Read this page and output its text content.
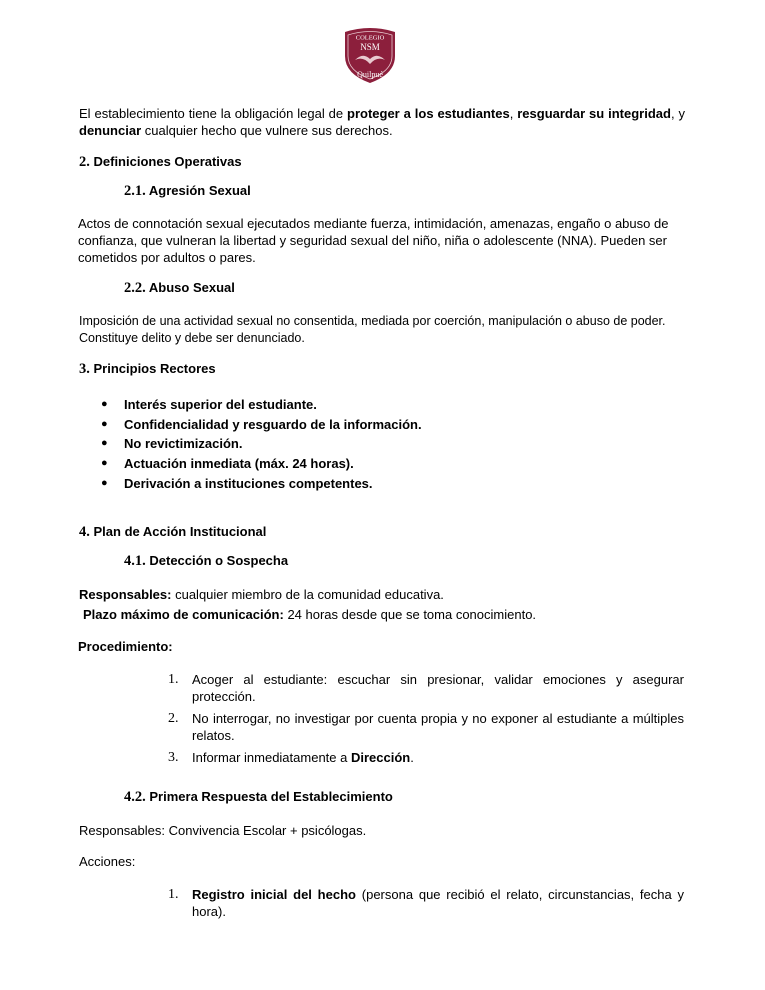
COLEGIO
NSM
Quilpué
El establecimiento tiene la obligación legal de proteger a los estudiantes, resguardar su integridad, y denunciar cualquier hecho que vulnere sus derechos.
2. Definiciones Operativas
2.1. Agresión Sexual
Actos de connotación sexual ejecutados mediante fuerza, intimidación, amenazas, engaño o abuso de confianza, que vulneran la libertad y seguridad sexual del niño, niña o adolescente (NNA). Pueden ser cometidos por adultos o pares.
2.2. Abuso Sexual
Imposición de una actividad sexual no consentida, mediada por coerción, manipulación o abuso de poder. Constituye delito y debe ser denunciado.
3. Principios Rectores
● Interés superior del estudiante.
● Confidencialidad y resguardo de la información.
● No revictimización.
● Actuación inmediata (máx. 24 horas).
● Derivación a instituciones competentes.
4. Plan de Acción Institucional
4.1. Detección o Sospecha
Responsables: cualquier miembro de la comunidad educativa.
Plazo máximo de comunicación: 24 horas desde que se toma conocimiento.
Procedimiento:
1. Acoger al estudiante: escuchar sin presionar, validar emociones y asegurar protección.
2. No interrogar, no investigar por cuenta propia y no exponer al estudiante a múltiples relatos.
3. Informar inmediatamente a Dirección.
4.2. Primera Respuesta del Establecimiento
Responsables: Convivencia Escolar + psicólogas.
Acciones:
1. Registro inicial del hecho (persona que recibió el relato, circunstancias, fecha y hora).
